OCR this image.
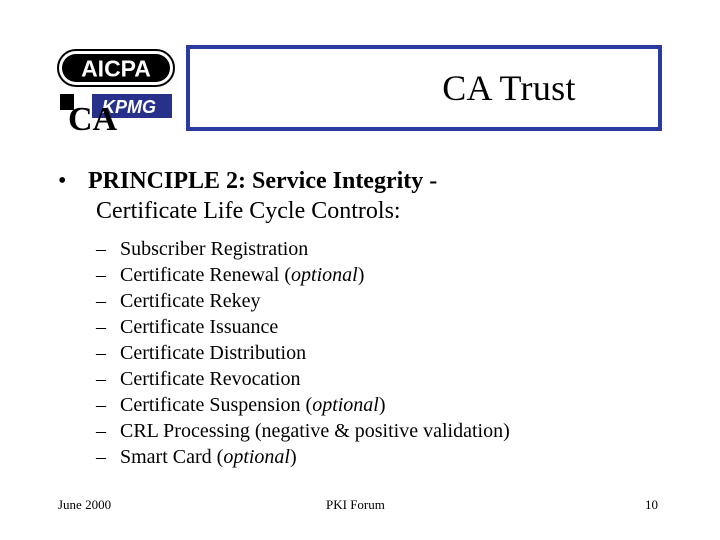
AICPA
KPMG
CA
CA Trust
• PRINCIPLE 2: Service Integrity -
Certificate Life Cycle Controls:
– Subscriber Registration
– Certificate Renewal (optional)
– Certificate Rekey
– Certificate Issuance
– Certificate Distribution
– Certificate Revocation
– Certificate Suspension (optional)
– CRL Processing (negative & positive validation)
– Smart Card (optional)
June 2000	PKI Forum	10
